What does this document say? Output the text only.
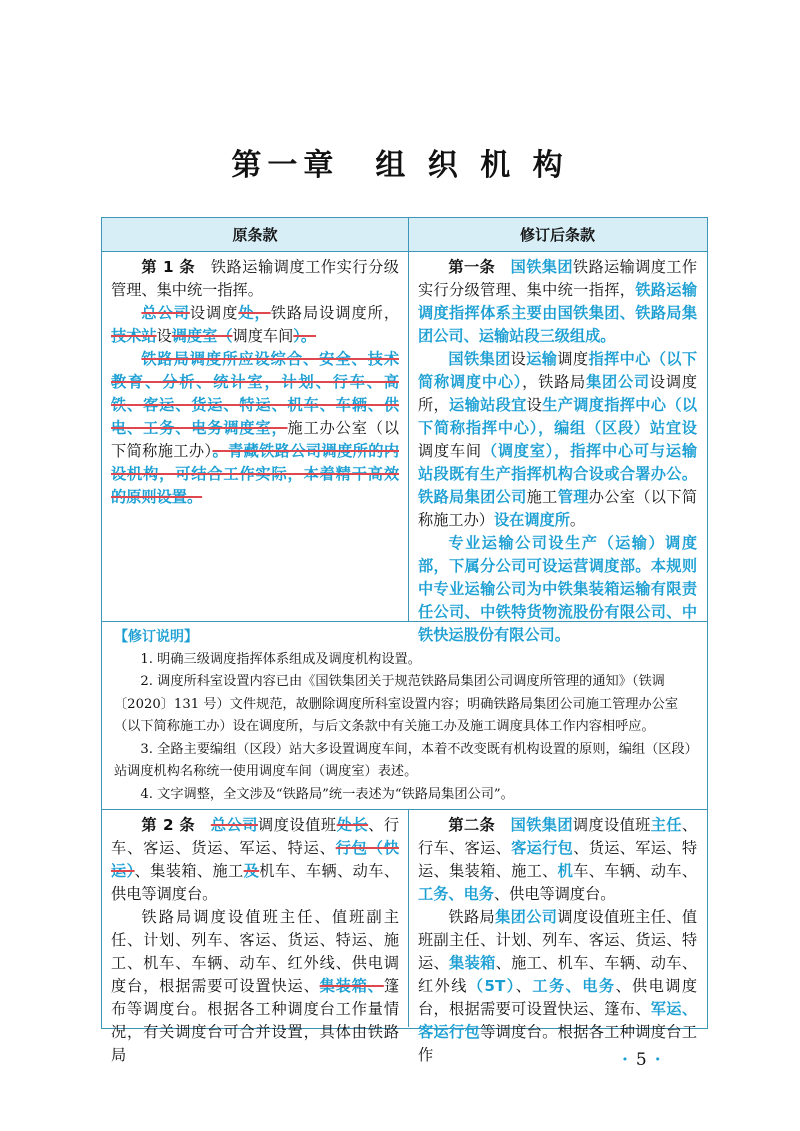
第一章　组 织 机 构
原条款	修订后条款

第 1 条　铁路运输调度工作实行分级管理、集中统一指挥。

总公司设调度处，铁路局设调度所，技术站设调度室（调度车间）。

铁路局调度所应设综合、安全、技术教育、分析、统计室，计划、行车、高铁、客运、货运、特运、机车、车辆、供电、工务、电务调度室，施工办公室（以下简称施工办）。青藏铁路公司调度所的内设机构，可结合工作实际，本着精干高效的原则设置。

第一条　 国铁集团铁路运输调度工作实行分级管理、集中统一指挥，铁路运输调度指挥体系主要由国铁集团、铁路局集团公司、运输站段三级组成。

国铁集团设运输调度指挥中心（以下简称调度中心），铁路局集团公司设调度所，运输站段宜设生产调度指挥中心（以下简称指挥中心），编组（区段）站宜设调度车间（调度室），指挥中心可与运输站段既有生产指挥机构合设或合署办公。铁路局集团公司施工管理办公室（以下简称施工办）设在调度所。

专业运输公司设生产（运输）调度部，下属分公司可设运营调度部。本规则中专业运输公司为中铁集装箱运输有限责任公司、中铁特货物流股份有限公司、中铁快运股份有限公司。

【修订说明】

1. 明确三级调度指挥体系组成及调度机构设置。

2. 调度所科室设置内容已由《国铁集团关于规范铁路局集团公司调度所管理的通知》（铁调〔2020〕131 号）文件规范，故删除调度所科室设置内容；明确铁路局集团公司施工管理办公室（以下简称施工办）设在调度所，与后文条款中有关施工办及施工调度具体工作内容相呼应。

3. 全路主要编组（区段）站大多设置调度车间，本着不改变既有机构设置的原则，编组（区段）站调度机构名称统一使用调度车间（调度室）表述。

4. 文字调整，全文涉及“铁路局”统一表述为“铁路局集团公司”。

第 2 条　 总公司调度设值班处长、行车、客运、货运、军运、特运、行包（快运）、集装箱、施工及机车、车辆、动车、供电等调度台。

铁路局调度设值班主任、值班副主任、计划、列车、客运、货运、特运、施工、机车、车辆、动车、红外线、供电调度台，根据需要可设置快运、集装箱、篷布等调度台。根据各工种调度台工作量情况，有关调度台可合并设置，具体由铁路局

第二条　 国铁集团调度设值班主任、行车、客运、客运行包、货运、军运、特运、集装箱、施工、机车、车辆、动车、工务、电务、供电等调度台。

铁路局集团公司调度设值班主任、值班副主任、计划、列车、客运、货运、特运、集装箱、施工、机车、车辆、动车、红外线（5T）、工务、电务、供电调度台，根据需要可设置快运、篷布、军运、客运行包等调度台。根据各工种调度台工作	· 5 ·
